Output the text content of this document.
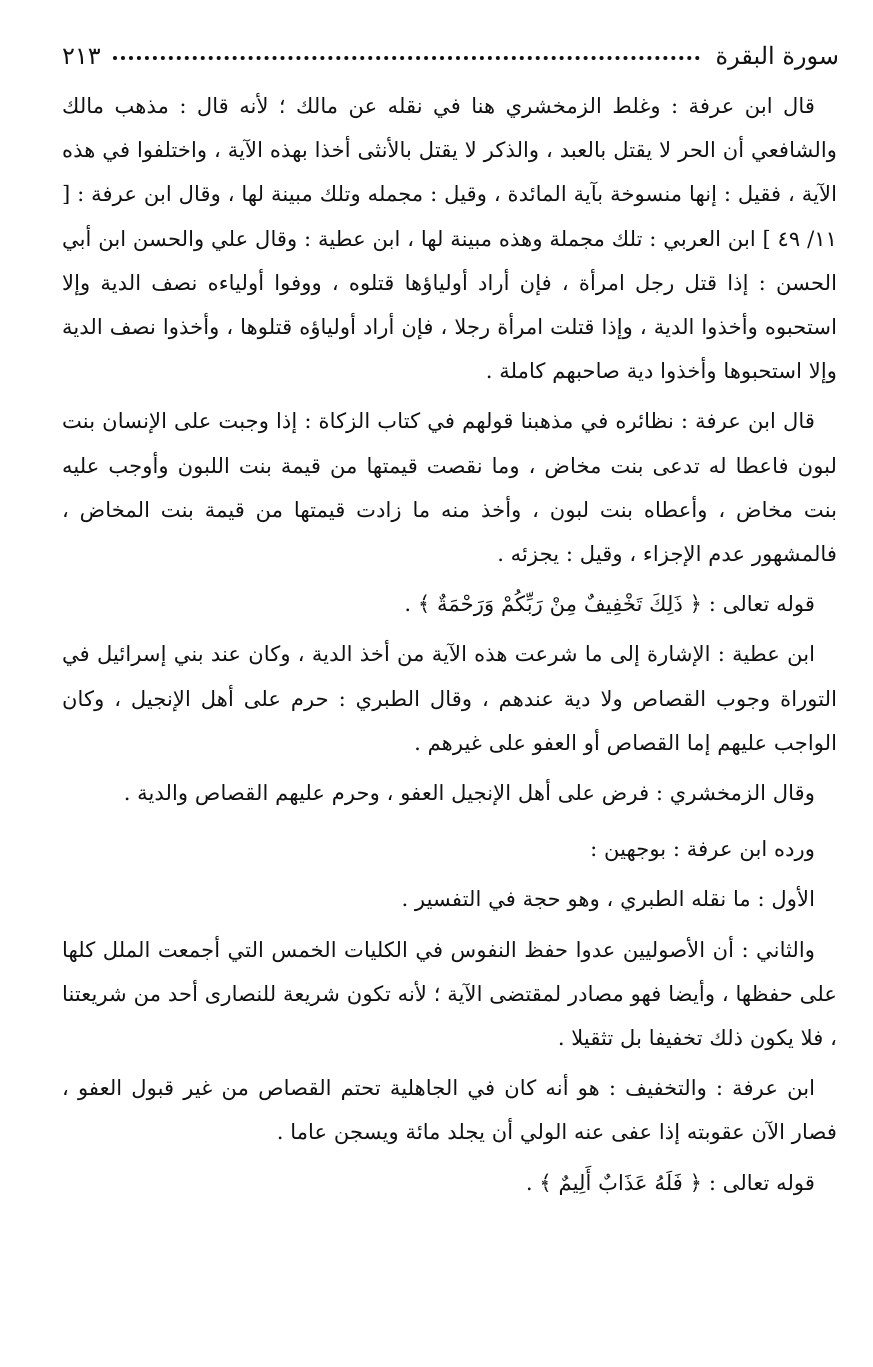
سورة البقرة
٢١٣

قال ابن عرفة : وغلط الزمخشري هنا في نقله عن مالك ؛ لأنه قال : مذهب مالك والشافعي أن الحر لا يقتل بالعبد ، والذكر لا يقتل بالأنثى أخذا بهذه الآية ، واختلفوا في هذه الآية ، فقيل : إنها منسوخة بآية المائدة ، وقيل : مجمله وتلك مبينة لها ، وقال ابن عرفة : [ ١١/ ٤٩ ] ابن العربي : تلك مجملة وهذه مبينة لها ، ابن عطية : وقال علي والحسن ابن أبي الحسن : إذا قتل رجل امرأة ، فإن أراد أولياؤها قتلوه ، ووفوا أولياءه نصف الدية وإلا استحبوه وأخذوا الدية ، وإذا قتلت امرأة رجلا ، فإن أراد أولياؤه قتلوها ، وأخذوا نصف الدية وإلا استحبوها وأخذوا دية صاحبهم كاملة .

قال ابن عرفة : نظائره في مذهبنا قولهم في كتاب الزكاة : إذا وجبت على الإنسان بنت لبون فاعطا له تدعى بنت مخاض ، وما نقصت قيمتها من قيمة بنت اللبون وأوجب عليه بنت مخاض ، وأعطاه بنت لبون ، وأخذ منه ما زادت قيمتها من قيمة بنت المخاض ، فالمشهور عدم الإجزاء ، وقيل : يجزئه .

قوله تعالى : ﴿ ذَلِكَ تَخْفِيفٌ مِنْ رَبِّكُمْ وَرَحْمَةٌ ﴾ .

ابن عطية : الإشارة إلى ما شرعت هذه الآية من أخذ الدية ، وكان عند بني إسرائيل في التوراة وجوب القصاص ولا دية عندهم ، وقال الطبري : حرم على أهل الإنجيل ، وكان الواجب عليهم إما القصاص أو العفو على غيرهم .

وقال الزمخشري : فرض على أهل الإنجيل العفو ، وحرم عليهم القصاص والدية .

ورده ابن عرفة : بوجهين :

الأول : ما نقله الطبري ، وهو حجة في التفسير .

والثاني : أن الأصوليين عدوا حفظ النفوس في الكليات الخمس التي أجمعت الملل كلها على حفظها ، وأيضا فهو مصادر لمقتضى الآية ؛ لأنه تكون شريعة للنصارى أحد من شريعتنا ، فلا يكون ذلك تخفيفا بل تثقيلا .

ابن عرفة : والتخفيف : هو أنه كان في الجاهلية تحتم القصاص من غير قبول العفو ، فصار الآن عقوبته إذا عفى عنه الولي أن يجلد مائة ويسجن عاما .

قوله تعالى : ﴿ فَلَهُ عَذَابٌ أَلِيمٌ ﴾ .
